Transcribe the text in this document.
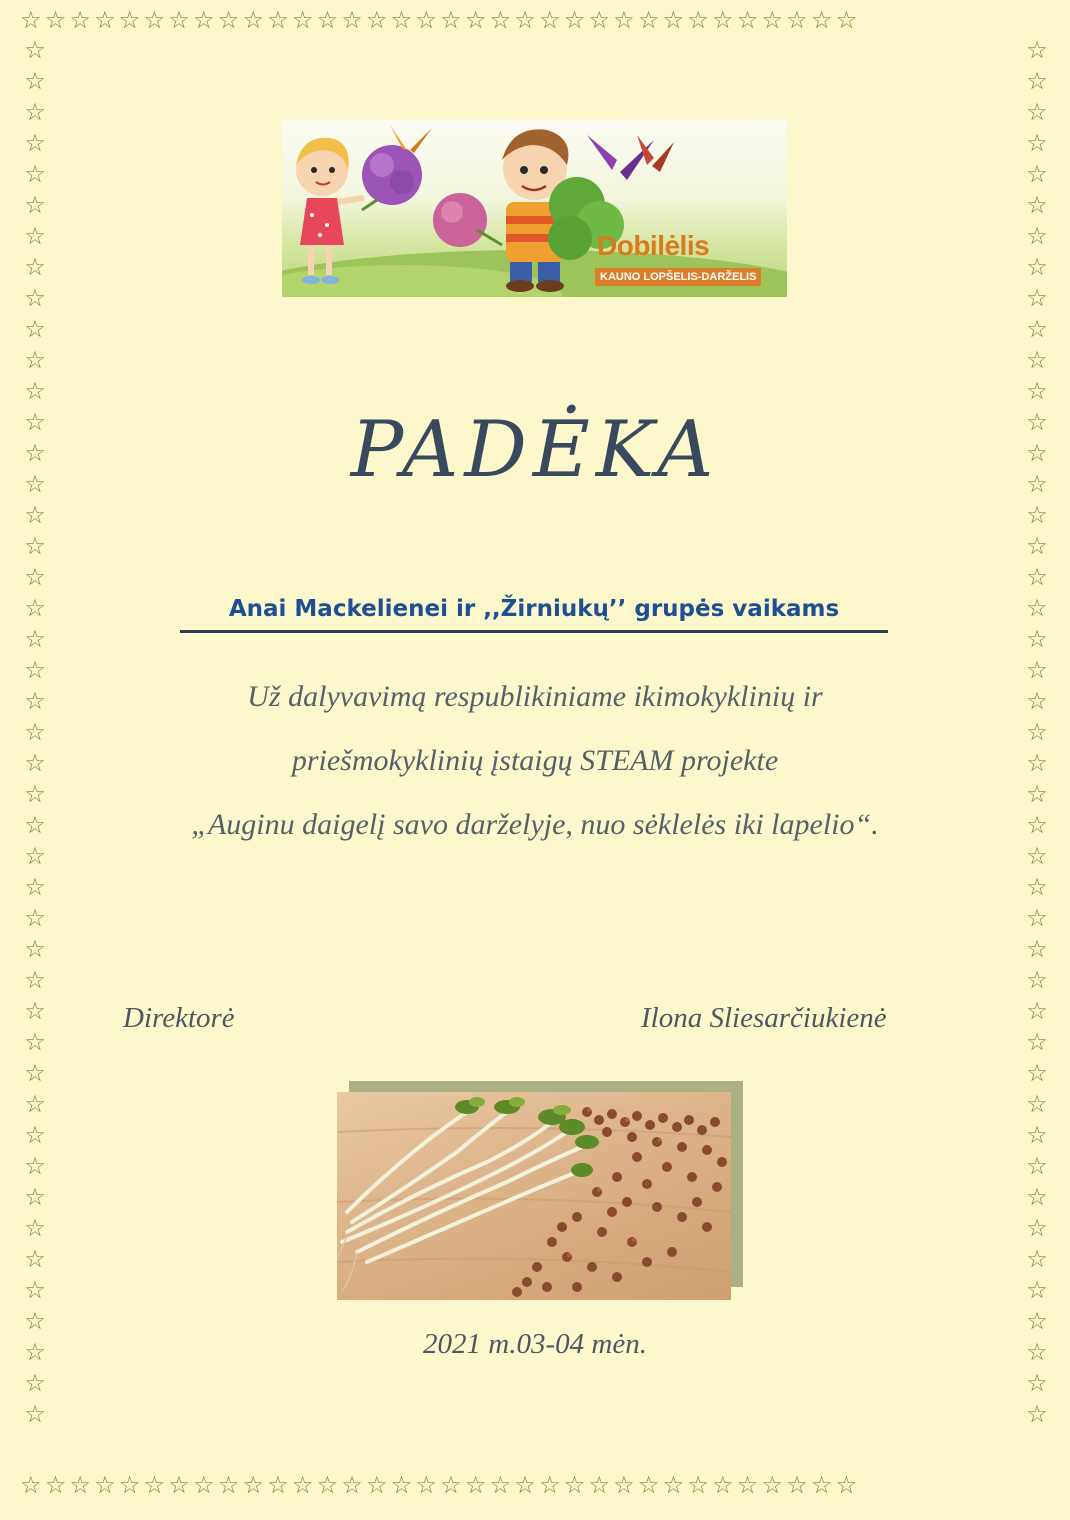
☆☆☆☆☆☆☆☆☆☆☆☆☆☆☆☆☆☆☆☆☆☆☆☆☆☆☆☆☆☆☆☆☆☆
☆☆☆☆☆☆☆☆☆☆☆☆☆☆☆☆☆☆☆☆☆☆☆☆☆☆☆☆☆☆☆☆☆☆
☆
☆
☆
☆
☆
☆
☆
☆
☆
☆
☆
☆
☆
☆
☆
☆
☆
☆
☆
☆
☆
☆
☆
☆
☆
☆
☆
☆
☆
☆
☆
☆
☆
☆
☆
☆
☆
☆
☆
☆
☆
☆
☆
☆
☆
☆
☆
☆
☆
☆
☆
☆
☆
☆
☆
☆
☆
☆
☆
☆
☆
☆
☆
☆
☆
☆
☆
☆
☆
☆
☆
☆
☆
☆
☆
☆
☆
☆
☆
☆
☆
☆
☆
☆
☆
☆
☆
☆
☆
☆
Dobilėlis
KAUNO LOPŠELIS-DARŽELIS
PADĖKA
Anai Mackelienei ir ,,Žirniukų’’ grupės vaikams
Už dalyvavimą respublikiniame ikimokyklinių ir
priešmokyklinių įstaigų STEAM projekte
„Auginu daigelį savo darželyje, nuo sėklelės iki lapelio“.
Direktorė	Ilona Sliesarčiukienė
2021 m.03-04 mėn.
